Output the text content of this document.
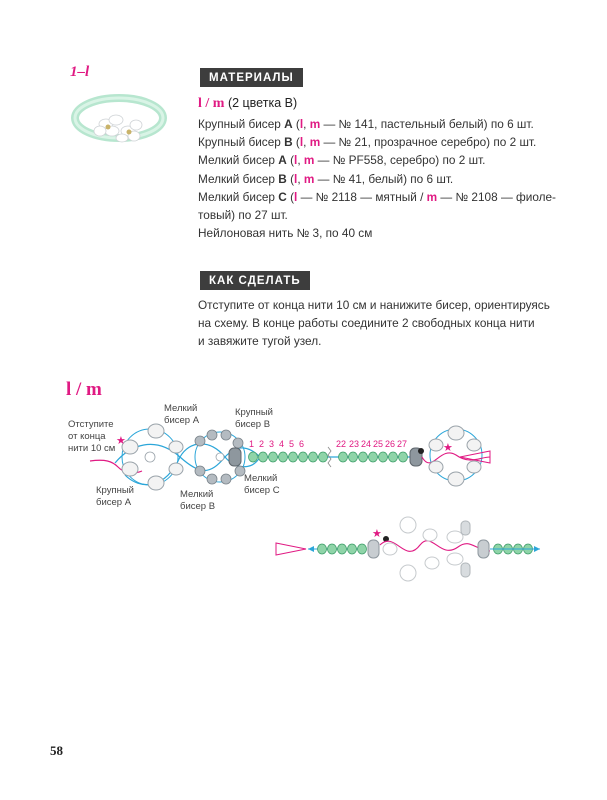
1–l	МАТЕРИАЛЫ
l / m (2 цветка B)
Крупный бисер A (l, m — № 141, пастельный белый) по 6 шт.
Крупный бисер B (l, m — № 21, прозрачное серебро) по 2 шт.
Мелкий бисер A (l, m — № PF558, серебро) по 2 шт.
Мелкий бисер B (l, m — № 41, белый) по 6 шт.
Мелкий бисер C (l — № 2118 — мятный / m — № 2108 — фиоле-
товый) по 27 шт.
Нейлоновая нить № 3, по 40 см
КАК СДЕЛАТЬ
Отступите от конца нити 10 см и нанижите бисер, ориентируясь
на схему. В конце работы соедините 2 свободных конца нити
и завяжите тугой узел.
l / m
★
★	1 2 3 4 5 6	22 23 24 25 26 27
Отступите
от конца
нити 10 см
Мелкий
бисер A
Крупный
бисер B
Крупный
бисер A
Мелкий
бисер B
Мелкий
бисер C
★
58
